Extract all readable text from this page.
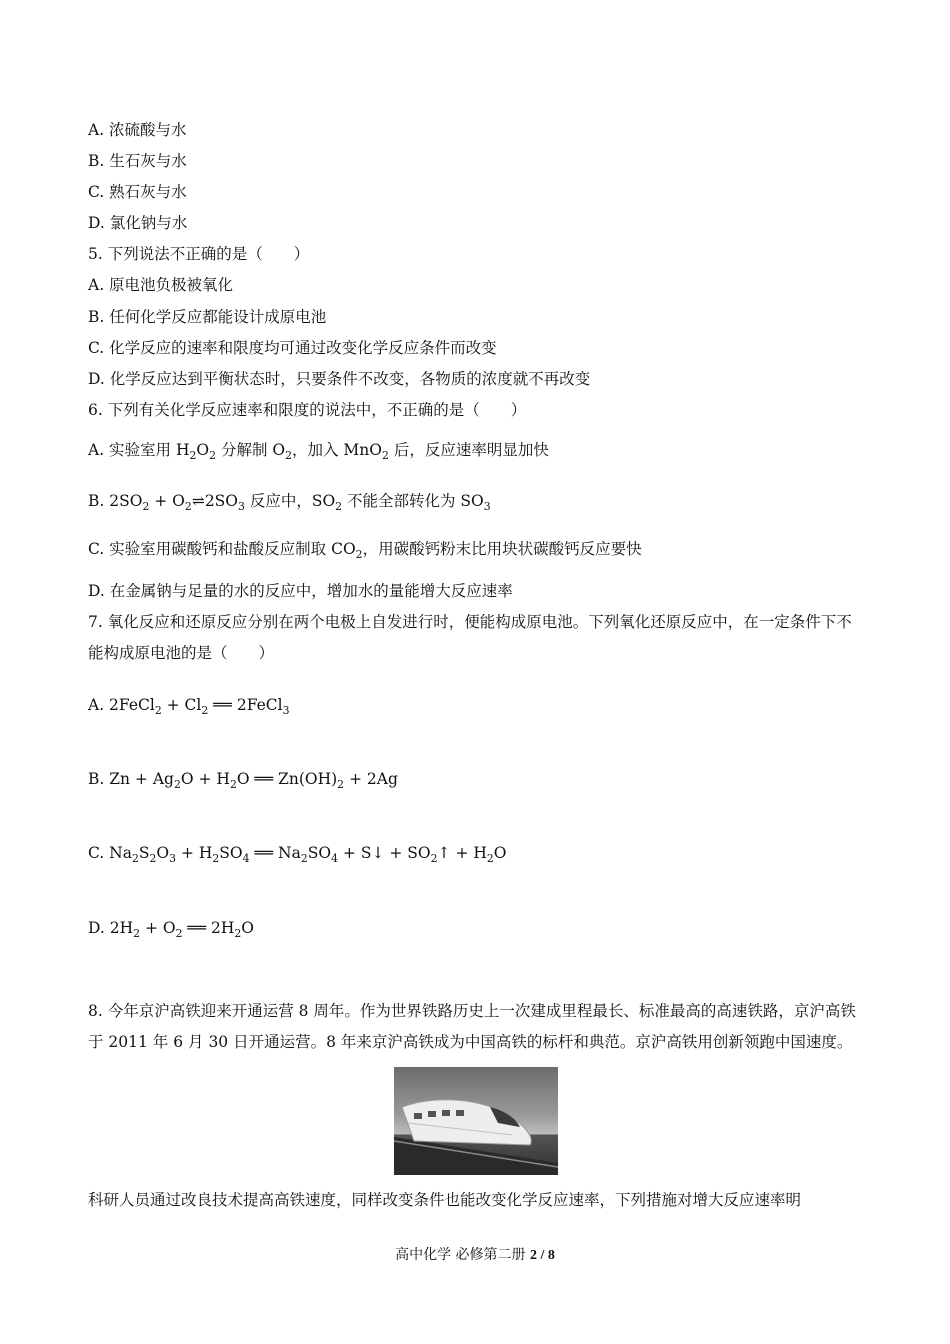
A. 浓硫酸与水
B. 生石灰与水
C. 熟石灰与水
D. 氯化钠与水
5. 下列说法不正确的是（　　）
A. 原电池负极被氧化
B. 任何化学反应都能设计成原电池
C. 化学反应的速率和限度均可通过改变化学反应条件而改变
D. 化学反应达到平衡状态时，只要条件不改变，各物质的浓度就不再改变
6. 下列有关化学反应速率和限度的说法中，不正确的是（　　）
A. 实验室用 $H_2O_2$ 分解制 $O_2$，加入 MnO$_2$ 后，反应速率明显加快
B. $2SO_2$ + $O_2\rightleftharpoons 2SO_3$ 反应中，$SO_2$ 不能全部转化为 $SO_3$
C. 实验室用碳酸钙和盐酸反应制取 $CO_2$，用碳酸钙粉末比用块状碳酸钙反应要快
D. 在金属钠与足量的水的反应中，增加水的量能增大反应速率
7. 氧化反应和还原反应分别在两个电极上自发进行时，便能构成原电池。下列氧化还原反应中，在一定条件下不能构成原电池的是（　　）
A. 2FeCl$_2$ + $Cl_2$ ══ 2FeCl$_3$
B. $Zn + Ag_2O + H_2O$ ══ $Zn(OH)_2 + 2Ag$
C. $Na_2S_2O_3 + H_2SO_4$ ══ $Na_2SO_4$ + S↓ + $SO_2↑ + H_2O$
D. $2H_2 + O_2$ ══ $2H_2O$
8. 今年京沪高铁迎来开通运营 8 周年。作为世界铁路历史上一次建成里程最长、标准最高的高速铁路，京沪高铁于 2011 年 6 月 30 日开通运营。8 年来京沪高铁成为中国高铁的标杆和典范。京沪高铁用创新领跑中国速度。
科研人员通过改良技术提高高铁速度，同样改变条件也能改变化学反应速率，下列措施对增大反应速率明
高中化学 必修第二册 2 / 8
